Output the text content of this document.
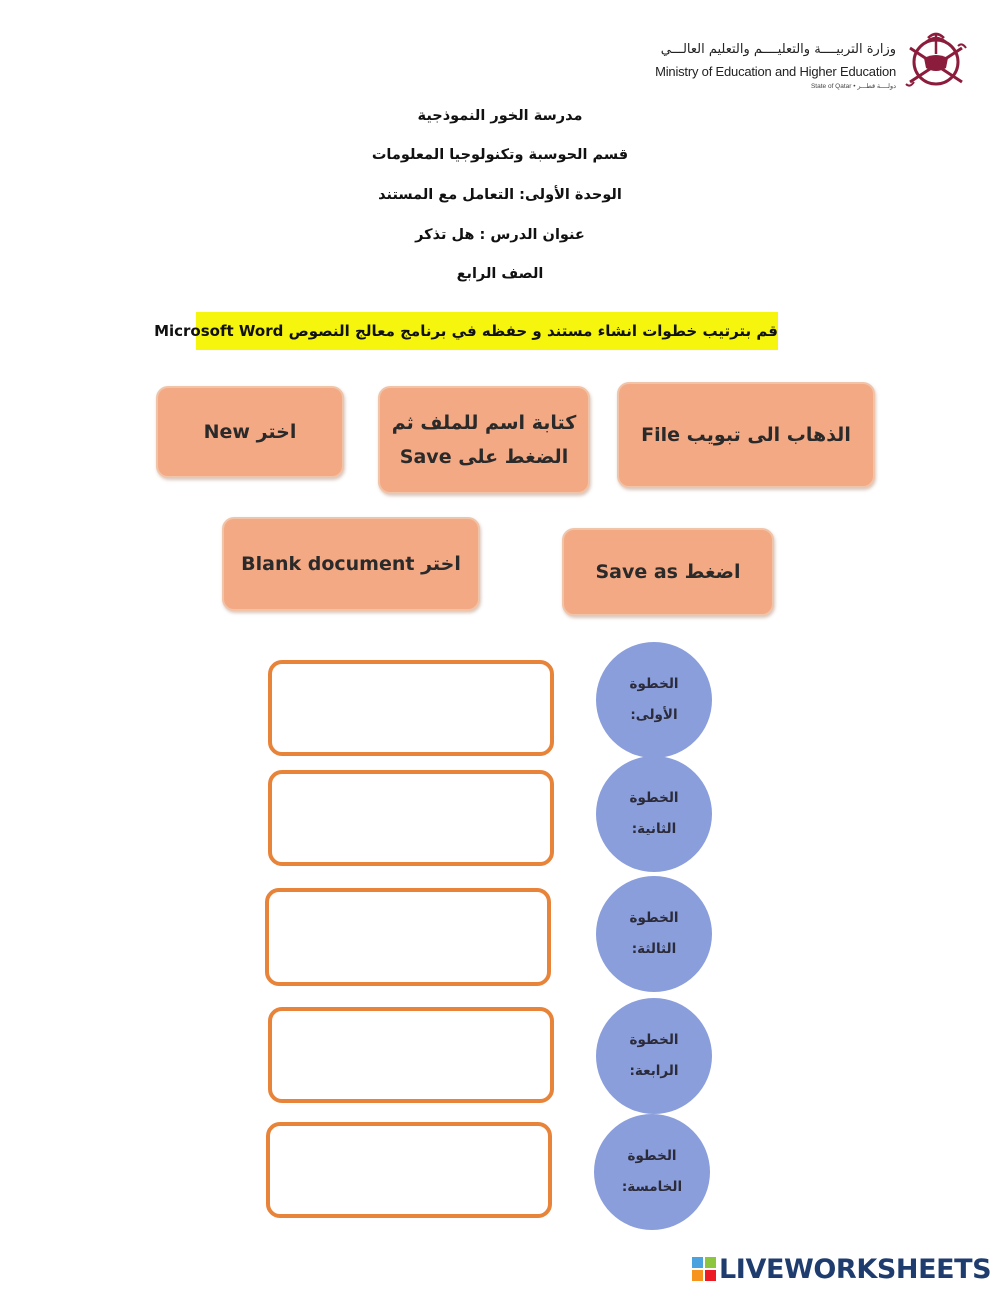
وزارة التربيــــة والتعليــــم والتعليم العالـــي
Ministry of Education and Higher Education
State of Qatar • دولــــة قطـــر
مدرسة الخور النموذجية
قسم الحوسبة وتكنولوجيا المعلومات
الوحدة الأولى: التعامل مع المستند
عنوان الدرس : هل تذكر
الصف الرابع
قم بترتيب خطوات انشاء مستند و حفظه في برنامج معالج النصوص Microsoft Word
اختر New	كتابة اسم للملف ثم
الضغط على Save
الذهاب الى تبويب File
اختر Blank document	اضغط Save as
الخطوة
الأولى:
الخطوة
الثانية:
الخطوة
الثالثة:
الخطوة
الرابعة:
الخطوة
الخامسة:
LIVEWORKSHEETS
